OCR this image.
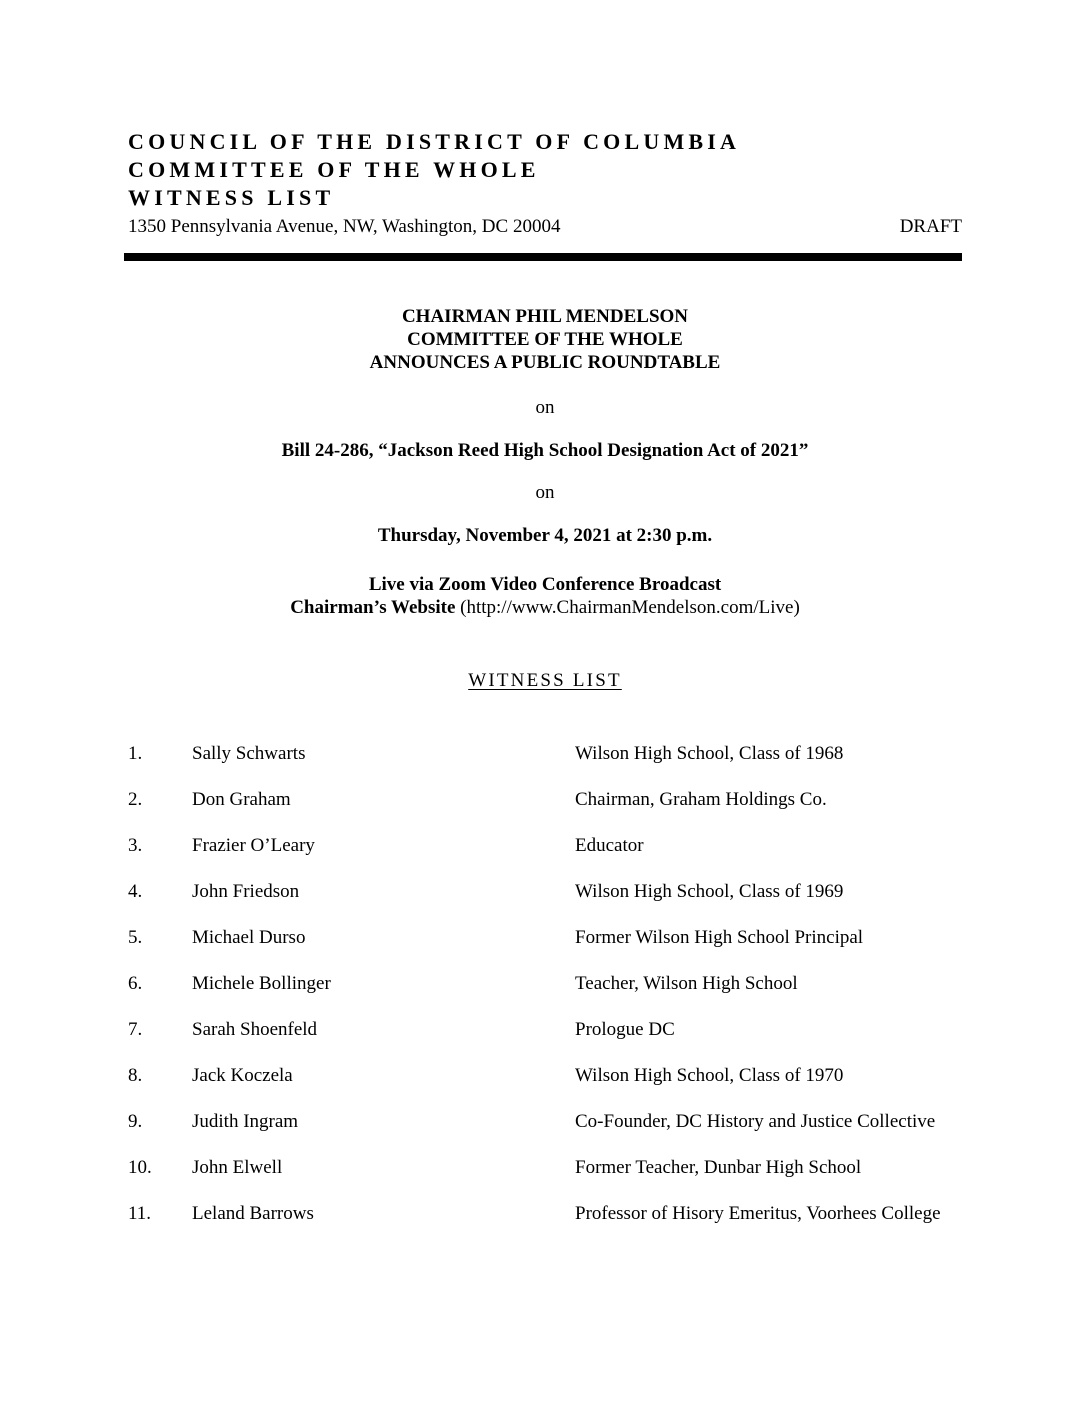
COUNCIL OF THE DISTRICT OF COLUMBIA
COMMITTEE OF THE WHOLE
WITNESS LIST
1350 Pennsylvania Avenue, NW, Washington, DC 20004	DRAFT
CHAIRMAN PHIL MENDELSON
COMMITTEE OF THE WHOLE
ANNOUNCES A PUBLIC ROUNDTABLE
on
Bill 24-286, “Jackson Reed High School Designation Act of 2021”
on
Thursday, November 4, 2021 at 2:30 p.m.
Live via Zoom Video Conference Broadcast
Chairman’s Website (http://www.ChairmanMendelson.com/Live)
WITNESS LIST
1.	Sally Schwarts	Wilson High School, Class of 1968
2.	Don Graham	Chairman, Graham Holdings Co.
3.	Frazier O’Leary	Educator
4.	John Friedson	Wilson High School, Class of 1969
5.	Michael Durso	Former Wilson High School Principal
6.	Michele Bollinger	Teacher, Wilson High School
7.	Sarah Shoenfeld	Prologue DC
8.	Jack Koczela	Wilson High School, Class of 1970
9.	Judith Ingram	Co-Founder, DC History and Justice Collective
10.	John Elwell	Former Teacher, Dunbar High School
11.	Leland Barrows	Professor of Hisory Emeritus, Voorhees College
